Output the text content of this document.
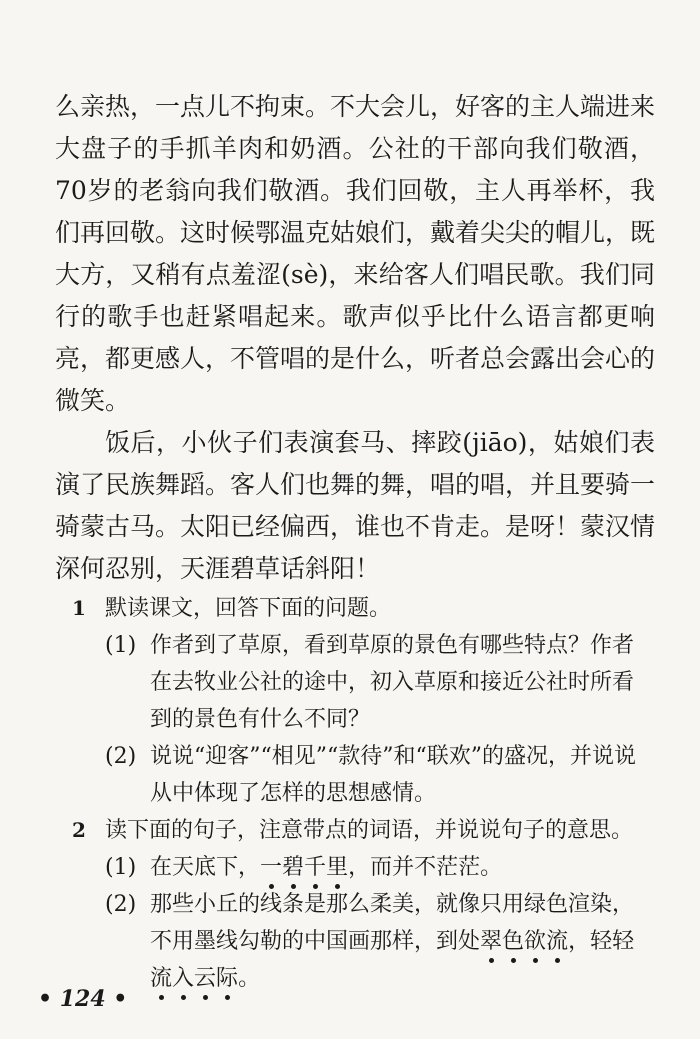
么亲热，一点儿不拘束。不大会儿，好客的主人端进来大盘子的手抓羊肉和奶酒。公社的干部向我们敬酒，70岁的老翁向我们敬酒。我们回敬，主人再举杯，我们再回敬。这时候鄂温克姑娘们，戴着尖尖的帽儿，既大方，又稍有点羞涩(sè)，来给客人们唱民歌。我们同行的歌手也赶紧唱起来。歌声似乎比什么语言都更响亮，都更感人，不管唱的是什么，听者总会露出会心的微笑。

饭后，小伙子们表演套马、摔跤(jiāo)，姑娘们表演了民族舞蹈。客人们也舞的舞，唱的唱，并且要骑一骑蒙古马。太阳已经偏西，谁也不肯走。是呀！蒙汉情深何忍别，天涯碧草话斜阳！

1 默读课文，回答下面的问题。
(1) 作者到了草原，看到草原的景色有哪些特点？作者在去牧业公社的途中，初入草原和接近公社时所看到的景色有什么不同？
(2) 说说“迎客”“相见”“款待”和“联欢”的盛况，并说说从中体现了怎样的思想感情。
2 读下面的句子，注意带点的词语，并说说句子的意思。
(1) 在天底下，一碧千里，而并不茫茫。
(2) 那些小丘的线条是那么柔美，就像只用绿色渲染，不用墨线勾勒的中国画那样，到处翠色欲流，轻轻流入云际。
• 124 •
